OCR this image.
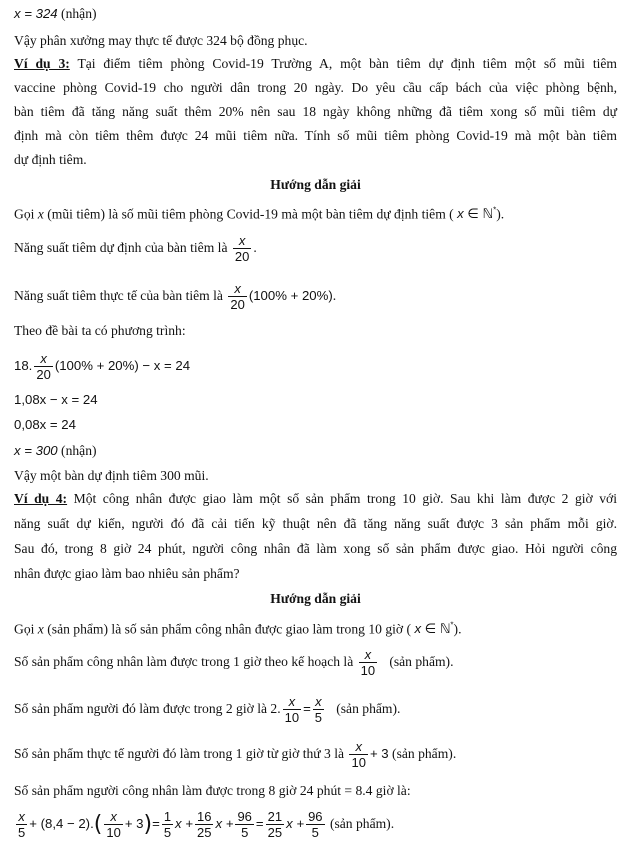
x = 324 (nhận)
Vậy phân xưởng may thực tế được 324 bộ đồng phục.
Ví dụ 3: Tại điểm tiêm phòng Covid-19 Trường A, một bàn tiêm dự định tiêm một số mũi tiêm
vaccine phòng Covid-19 cho người dân trong 20 ngày. Do yêu cầu cấp bách của việc phòng bệnh,
bàn tiêm đã tăng năng suất thêm 20% nên sau 18 ngày không những đã tiêm xong số mũi tiêm dự
định mà còn tiêm thêm được 24 mũi tiêm nữa. Tính số mũi tiêm phòng Covid-19 mà một bàn tiêm
dự định tiêm.
Hướng dẫn giải
Gọi x (mũi tiêm) là số mũi tiêm phòng Covid-19 mà một bàn tiêm dự định tiêm ( x ∈ ℕ*).
Năng suất tiêm dự định của bàn tiêm là $\frac{x}{20}$ .
Năng suất tiêm thực tế của bàn tiêm là $\frac{x}{20} (100\% + 20\%)$.
Theo đề bài ta có phương trình:
18. $\frac{x}{20} (100\% + 20\%) - x = 24$
1,08x − x = 24
0,08x = 24
x = 300 (nhận)
Vậy một bàn dự định tiêm 300 mũi.
Ví dụ 4: Một công nhân được giao làm một số sản phẩm trong 10 giờ. Sau khi làm được 2 giờ với
năng suất dự kiến, người đó đã cải tiến kỹ thuật nên đã tăng năng suất được 3 sản phẩm mỗi giờ.
Sau đó, trong 8 giờ 24 phút, người công nhân đã làm xong số sản phẩm được giao. Hỏi người công
nhân được giao làm bao nhiêu sản phẩm?
Hướng dẫn giải
Gọi x (sản phẩm) là số sản phẩm công nhân được giao làm trong 10 giờ ( x ∈ ℕ*).
Số sản phẩm công nhân làm được trong 1 giờ theo kế hoạch là $\frac{x}{10}$ (sản phẩm).
Số sản phẩm người đó làm được trong 2 giờ là 2. $\frac{x}{10} = \frac{x}{5}$ (sản phẩm).
Số sản phẩm thực tế người đó làm trong 1 giờ từ giờ thứ 3 là $\frac{x}{10} + 3$ (sản phẩm).
Số sản phẩm người công nhân làm được trong 8 giờ 24 phút = 8.4 giờ là:
$\frac{x}{5} + (8,4 - 2).( \frac{x}{10} + 3)= \frac{1}{5}$ $x + \frac{16}{25}$ $x + \frac{96}{5} = \frac{21}{25}$ $x + \frac{96}{5}$ (sản phẩm).
